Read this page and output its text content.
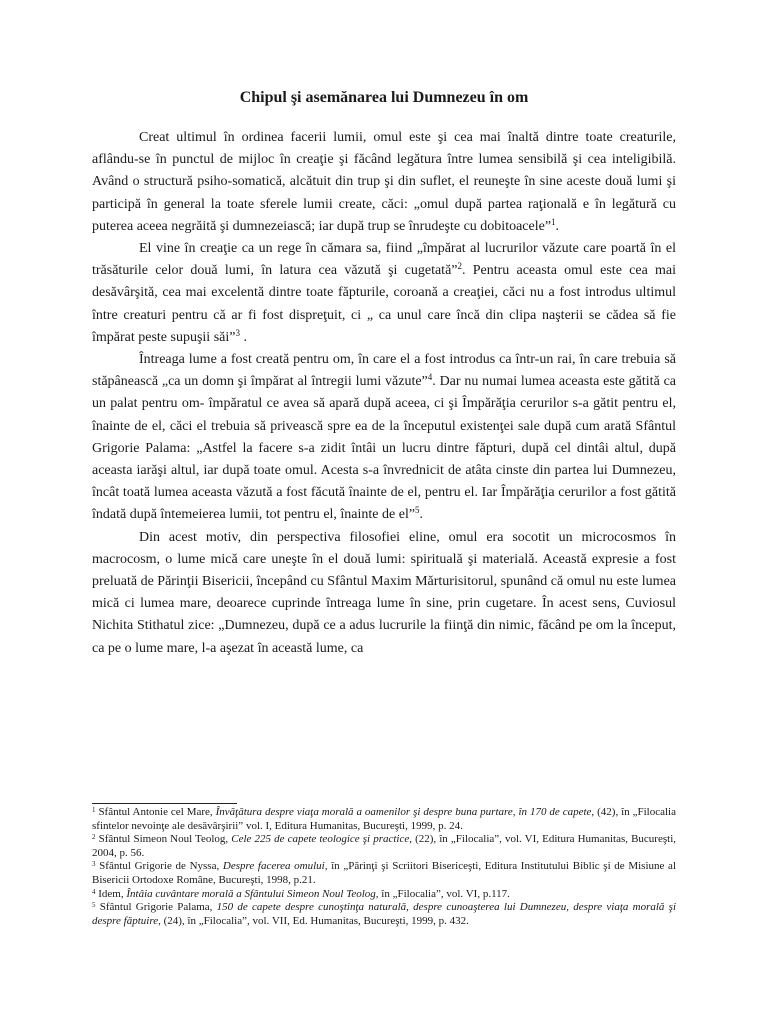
Chipul şi asemănarea lui Dumnezeu în om

Creat ultimul în ordinea facerii lumii, omul este şi cea mai înaltă dintre toate creaturile, aflându-se în punctul de mijloc în creaţie şi făcând legătura între lumea sensibilă şi cea inteligibilă. Având o structură psiho-somatică, alcătuit din trup şi din suflet, el reuneşte în sine aceste două lumi şi participă în general la toate sferele lumii create, căci: „omul după partea raţională e în legătură cu puterea aceea negrăită şi dumnezeiască; iar după trup se înrudeşte cu dobitoacele”$^1$.

El vine în creaţie ca un rege în cămara sa, fiind „împărat al lucrurilor văzute care poartă în el trăsăturile celor două lumi, în latura cea văzută şi cugetată”$^2$. Pentru aceasta omul este cea mai desăvârşită, cea mai excelentă dintre toate făpturile, coroană a creaţiei, căci nu a fost introdus ultimul între creaturi pentru că ar fi fost dispreţuit, ci „ ca unul care încă din clipa naşterii se cădea să fie împărat peste supuşii săi”$^3$ .

Întreaga lume a fost creată pentru om, în care el a fost introdus ca într-un rai, în care trebuia să stăpânească „ca un domn şi împărat al întregii lumi văzute”$^4$. Dar nu numai lumea aceasta este gătită ca un palat pentru om- împăratul ce avea să apară după aceea, ci şi Împărăţia cerurilor s-a gătit pentru el, înainte de el, căci el trebuia să privească spre ea de la începutul existenţei sale după cum arată Sfântul Grigorie Palama: „Astfel la facere s-a zidit întâi un lucru dintre făpturi, după cel dintâi altul, după aceasta iarăşi altul, iar după toate omul. Acesta s-a învrednicit de atâta cinste din partea lui Dumnezeu, încât toată lumea aceasta văzută a fost făcută înainte de el, pentru el. Iar Împărăţia cerurilor a fost gătită îndată după întemeierea lumii, tot pentru el, înainte de el”$^5$.

Din acest motiv, din perspectiva filosofiei eline, omul era socotit un microcosmos în macrocosm, o lume mică care uneşte în el două lumi: spirituală şi materială. Această expresie a fost preluată de Părinţii Bisericii, începând cu Sfântul Maxim Mărturisitorul, spunând că omul nu este lumea mică ci lumea mare, deoarece cuprinde întreaga lume în sine, prin cugetare. În acest sens, Cuviosul Nichita Stithatul zice: „Dumnezeu, după ce a adus lucrurile la fiinţă din nimic, făcând pe om la început, ca pe o lume mare, l-a aşezat în această lume, ca

$^1$ Sfântul Antonie cel Mare, Învăţătura despre viaţa morală a oamenilor şi despre buna purtare, în 170 de capete, (42), în „Filocalia sfintelor nevoinţe ale desăvârşirii” vol. I, Editura Humanitas, Bucureşti, 1999, p. 24.

$^2$ Sfântul Simeon Noul Teolog, Cele 225 de capete teologice şi practice, (22), în „Filocalia”, vol. VI, Editura Humanitas, Bucureşti, 2004, p. 56.

$^3$ Sfântul Grigorie de Nyssa, Despre facerea omului, în „Părinţi şi Scriitori Bisericeşti, Editura Institutului Biblic şi de Misiune al Bisericii Ortodoxe Române, Bucureşti, 1998, p.21.

$^4$ Idem, Întâia cuvântare morală a Sfântului Simeon Noul Teolog, în „Filocalia”, vol. VI, p.117.

$^5$ Sfântul Grigorie Palama, 150 de capete despre cunoştinţa naturală, despre cunoaşterea lui Dumnezeu, despre viaţa morală şi despre făptuire, (24), în „Filocalia”, vol. VII, Ed. Humanitas, Bucureşti, 1999, p. 432.
